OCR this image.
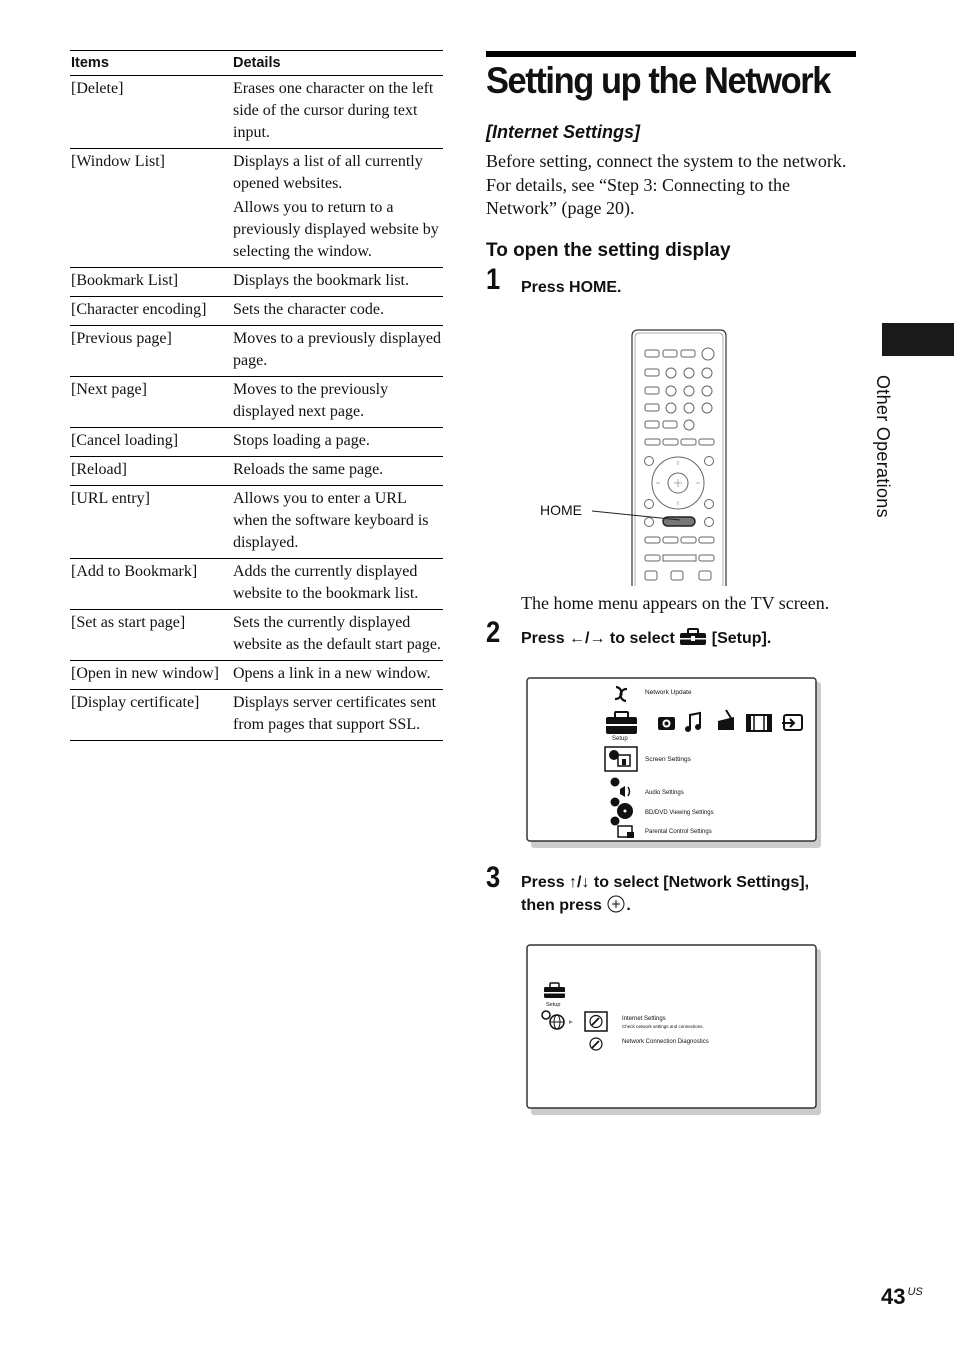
Items	Details
[Delete]	Erases one character on the left side of the cursor during text input.

[Window List]	Displays a list of all currently opened websites.

Allows you to return to a previously displayed website by selecting the window.

[Bookmark List]	Displays the bookmark list.

[Character encoding]	Sets the character code.

[Previous page]	Moves to a previously displayed page.

[Next page]	Moves to the previously displayed next page.

[Cancel loading]	Stops loading a page.

[Reload]	Reloads the same page.

[URL entry]	Allows you to enter a URL when the software keyboard is displayed.

[Add to Bookmark]	Adds the currently displayed website to the bookmark list.

[Set as start page]	Sets the currently displayed website as the default start page.

[Open in new window]	Opens a link in a new window.

[Display certificate]	Displays server certificates sent from pages that support SSL.

Setting up the Network
[Internet Settings]

Before setting, connect the system to the network. For details, see “Step 3: Connecting to the Network” (page 20).

To open the setting display
1 Press HOME.
HOME
The home menu appears on the TV screen.
2 Press ←/→ to select [Setup].
Network Update
Setup
Screen Settings
Audio Settings
BD/DVD Viewing Settings
Parental Control Settings
3 Press ↑/↓ to select [Network Settings],
then press .
Setup
Internet Settings
Check network settings and connections.
Network Connection Diagnostics
Other Operations
43 $^{US}$
